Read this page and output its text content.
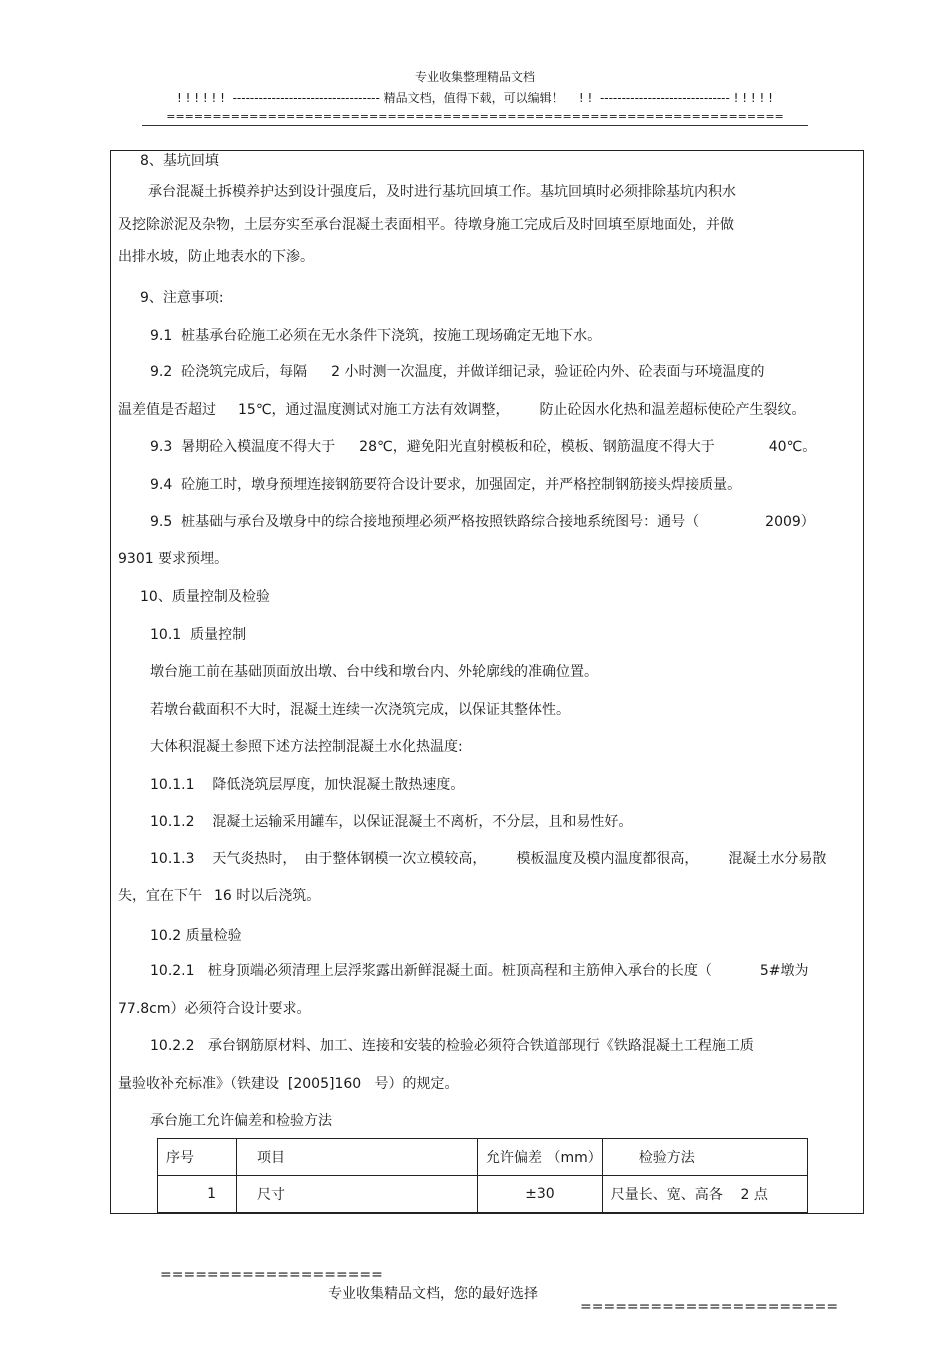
专业收集整理精品文档
! ! ! ! ! !  ---------------------------------- 精品文档，值得下载，可以编辑！    ! !  ------------------------------ ! ! ! ! !
===================================================================
8、基坑回填
承台混凝土拆模养护达到设计强度后，及时进行基坑回填工作。基坑回填时必须排除基坑内积水
及挖除淤泥及杂物，土层夯实至承台混凝土表面相平。待墩身施工完成后及时回填至原地面处，并做
出排水坡，防止地表水的下渗。
9、注意事项:
9.1  桩基承台砼施工必须在无水条件下浇筑，按施工现场确定无地下水。
9.2  砼浇筑完成后，每隔 2 小时测一次温度，并做详细记录，验证砼内外、砼表面与环境温度的
温差值是否超过 15℃，通过温度测试对施工方法有效调整， 防止砼因水化热和温差超标使砼产生裂纹。
9.3  暑期砼入模温度不得大于 28℃，避免阳光直射模板和砼，模板、钢筋温度不得大于	40℃。
9.4  砼施工时，墩身预埋连接钢筋要符合设计要求，加强固定，并严格控制钢筋接头焊接质量。
9.5  桩基础与承台及墩身中的综合接地预埋必须严格按照铁路综合接地系统图号：通号（	2009）
9301 要求预埋。
10、质量控制及检验
10.1  质量控制
墩台施工前在基础顶面放出墩、台中线和墩台内、外轮廓线的准确位置。
若墩台截面积不大时，混凝土连续一次浇筑完成，以保证其整体性。
大体积混凝土参照下述方法控制混凝土水化热温度:
10.1.1    降低浇筑层厚度，加快混凝土散热速度。
10.1.2    混凝土运输采用罐车，以保证混凝土不离析，不分层，且和易性好。
10.1.3    天气炎热时， 由于整体钢模一次立模较高， 模板温度及模内温度都很高， 混凝土水分易散
失，宜在下午 16 时以后浇筑。
10.2 质量检验
10.2.1   桩身顶端必须清理上层浮浆露出新鲜混凝土面。桩顶高程和主筋伸入承台的长度（	5#墩为
77.8cm）必须符合设计要求。
10.2.2   承台钢筋原材料、加工、连接和安装的检验必须符合铁道部现行《铁路混凝土工程施工质
量验收补充标准》（铁建设  [2005]160   号）的规定。
承台施工允许偏差和检验方法
序号	项目	允许偏差 （mm）	检验方法
1	尺寸	±30	尺量长、宽、高各    2 点

===================

专业收集精品文档，您的最好选择

======================
